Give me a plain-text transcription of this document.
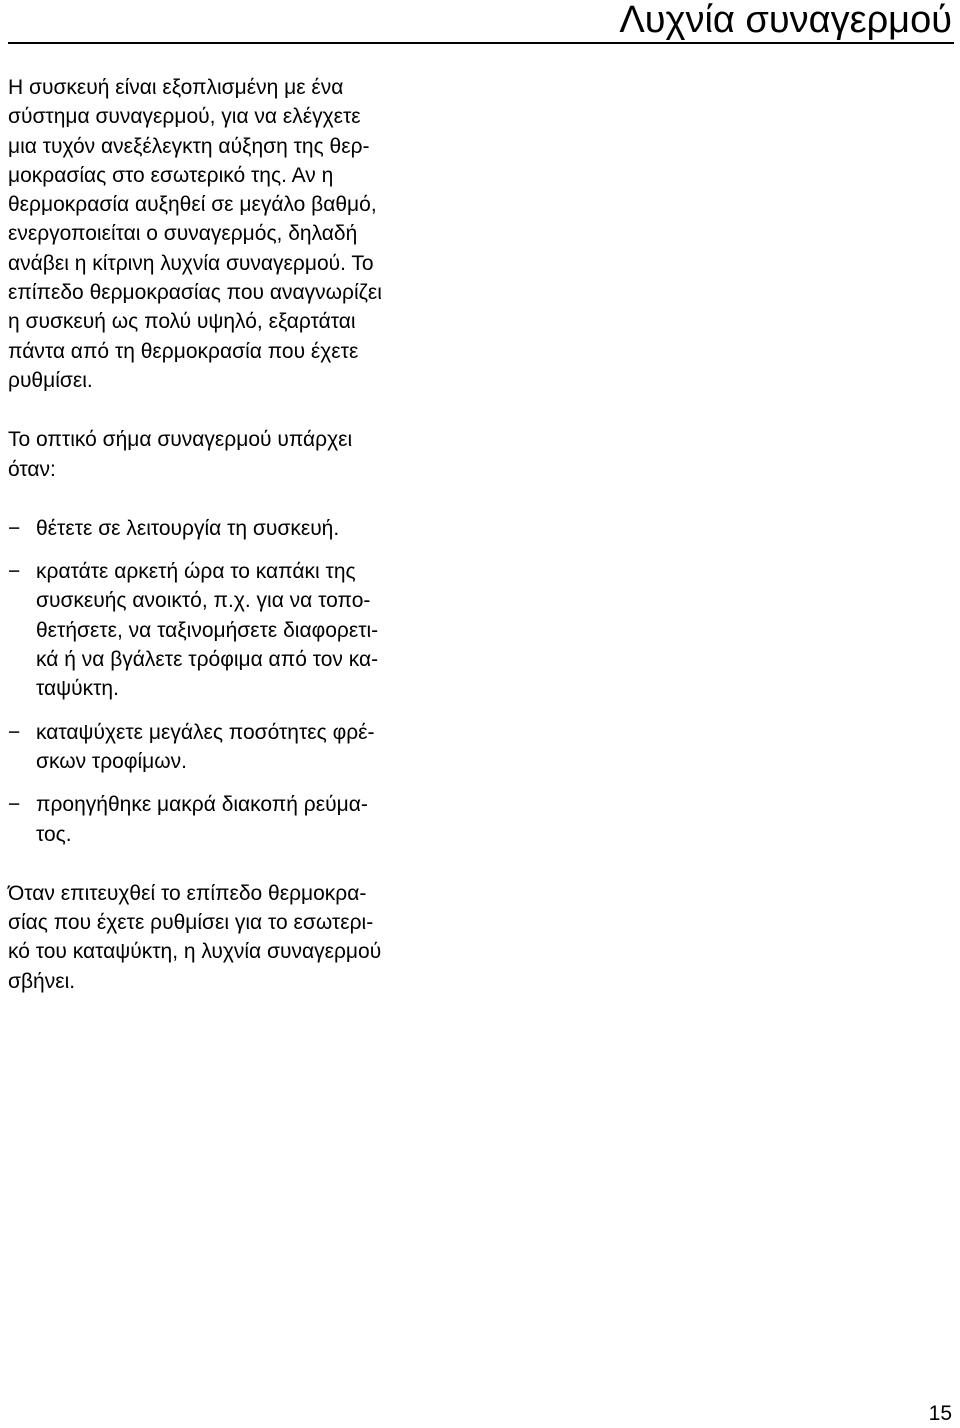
Λυχνία συναγερμού

Η συσκευή είναι εξοπλισμένη με ένα
σύστημα συναγερμού, για να ελέγχετε
μια τυχόν ανεξέλεγκτη αύξηση της θερ-
μοκρασίας στο εσωτερικό της. Αν η
θερμοκρασία αυξηθεί σε μεγάλο βαθμό,
ενεργοποιείται ο συναγερμός, δηλαδή
ανάβει η κίτρινη λυχνία συναγερμού. Το
επίπεδο θερμοκρασίας που αναγνωρίζει
η συσκευή ως πολύ υψηλό, εξαρτάται
πάντα από τη θερμοκρασία που έχετε
ρυθμίσει.

Το οπτικό σήμα συναγερμού υπάρχει
όταν:

− θέτετε σε λειτουργία τη συσκευή.
− κρατάτε αρκετή ώρα το καπάκι της
συσκευής ανοικτό, π.χ. για να τοπο-
θετήσετε, να ταξινομήσετε διαφορετι-
κά ή να βγάλετε τρόφιμα από τον κα-
ταψύκτη.
− καταψύχετε μεγάλες ποσότητες φρέ-
σκων τροφίμων.
− προηγήθηκε μακρά διακοπή ρεύμα-
τος.

Όταν επιτευχθεί το επίπεδο θερμοκρα-
σίας που έχετε ρυθμίσει για το εσωτερι-
κό του καταψύκτη, η λυχνία συναγερμού
σβήνει.

15
